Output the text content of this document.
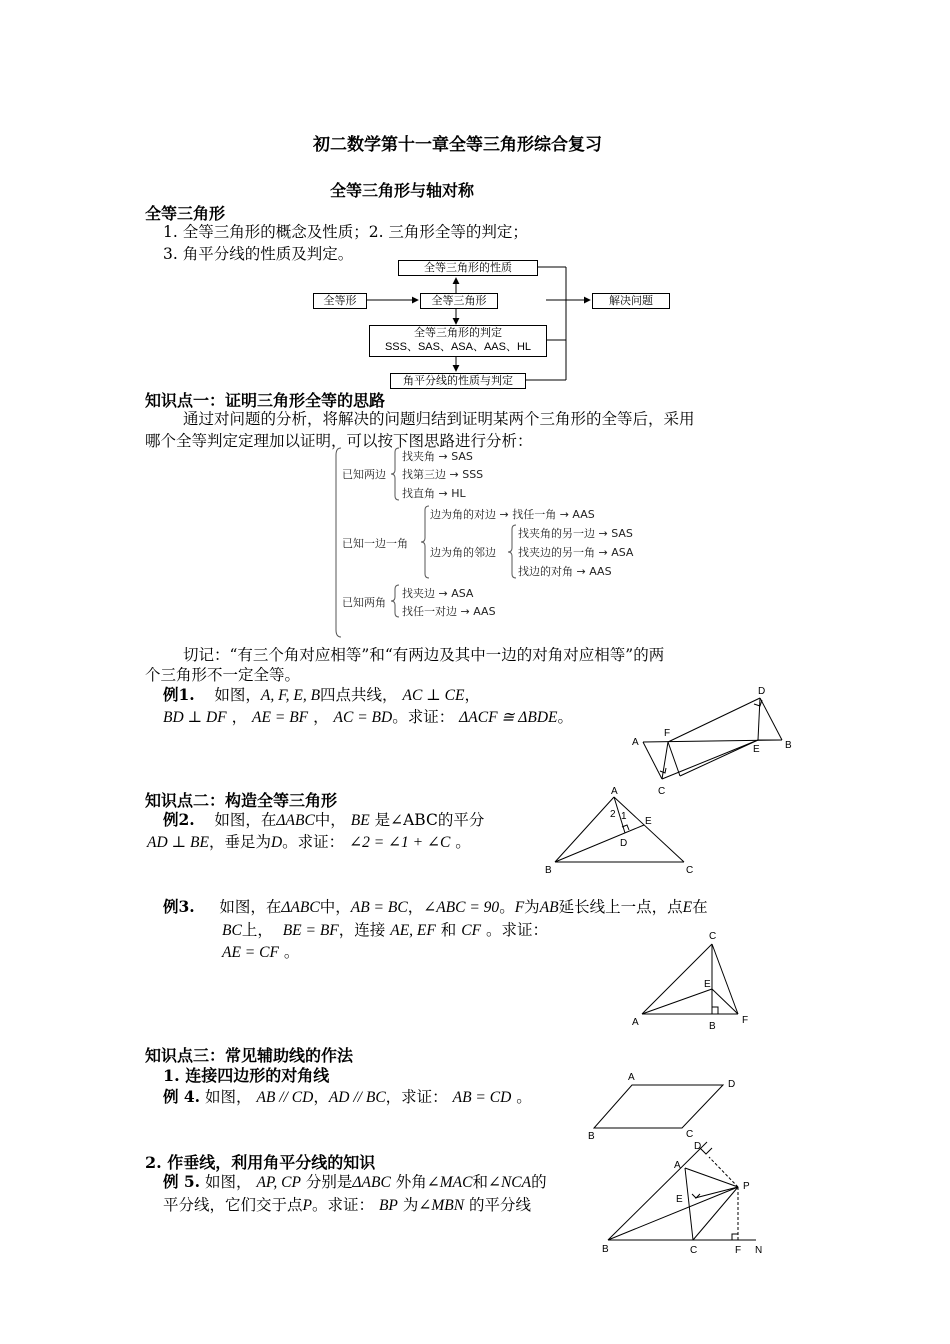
初二数学第十一章全等三角形综合复习
全等三角形与轴对称
全等三角形
1. 全等三角形的概念及性质；2. 三角形全等的判定；
3. 角平分线的性质及判定。
全等三角形的性质
全等形	全等三角形
全等三角形的判定
SSS、SAS、ASA、AAS、HL
角平分线的性质与判定
解决问题
知识点一：证明三角形全等的思路
通过对问题的分析，将解决的问题归结到证明某两个三角形的全等后，采用
哪个全等判定定理加以证明，可以按下图思路进行分析：
已知两边
找夹角 → SAS
找第三边 → SSS
找直角 → HL
已知一边一角
边为角的对边 → 找任一角 → AAS
边为角的邻边
找夹角的另一边 → SAS
找夹边的另一角 → ASA
找边的对角 → AAS
已知两角
找夹边 → ASA
找任一对边 → AAS
切记：“有三个角对应相等”和“有两边及其中一边的对角对应相等”的两
个三角形不一定全等。
例1. 如图，A, F, E, B四点共线， AC ⊥ CE，
BD ⊥ DF ， AE = BF ， AC = BD。求证： ΔACF ≅ ΔBDE。
A	B
C
D
E
F
知识点二：构造全等三角形
例2. 如图，在ΔABC中， BE 是∠ABC的平分
AD ⊥ BE，垂足为D。求证： ∠2 = ∠1 + ∠C 。
A
B	C
D
E
2 1
例3. 如图，在ΔABC中，AB = BC，∠ABC = 90。F为AB延长线上一点，点E在
BC上， BE = BF，连接 AE, EF 和 CF 。求证：
AE = CF 。
A	B
C
E
F
知识点三：常见辅助线的作法
1. 连接四边形的对角线
例 4. 如图， AB // CD，AD // BC，求证： AB = CD 。
A
B	C
D
2. 作垂线，利用角平分线的知识
例 5. 如图， AP, CP 分别是ΔABC 外角∠MAC和∠NCA的
平分线，它们交于点P。求证： BP 为∠MBN 的平分线
A
B	C
D
E
F N
P
